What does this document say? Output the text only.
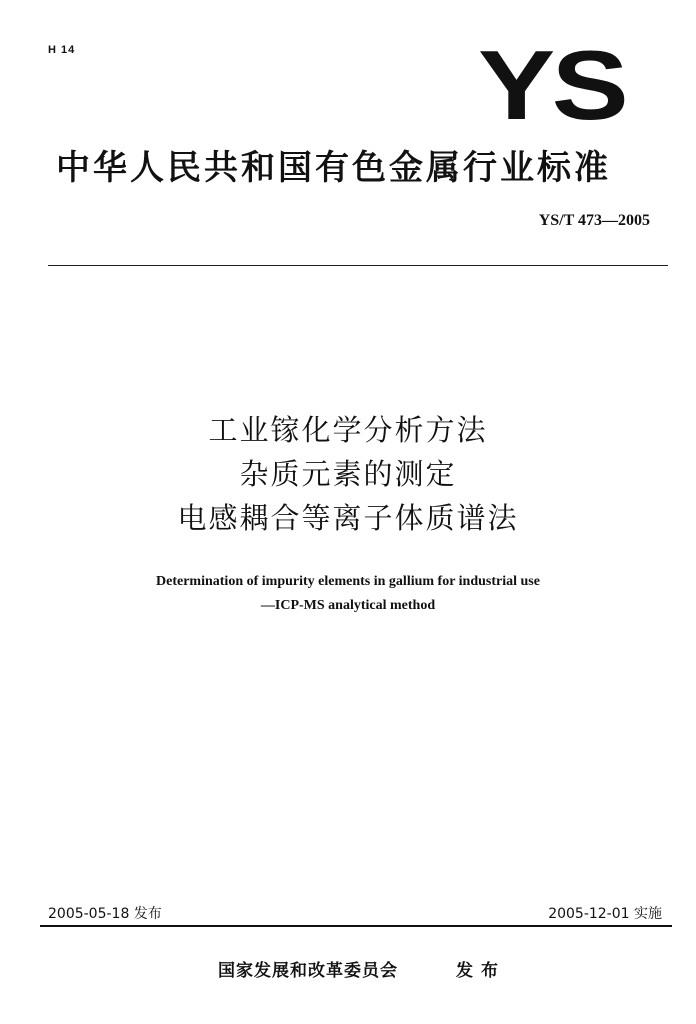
H 14	YS
中华人民共和国有色金属行业标准
YS/T 473—2005
工业镓化学分析方法
杂质元素的测定
电感耦合等离子体质谱法
Determination of impurity elements in gallium for industrial use
—ICP-MS analytical method
2005-05-18 发布	2005-12-01 实施
国家发展和改革委员会	发布
